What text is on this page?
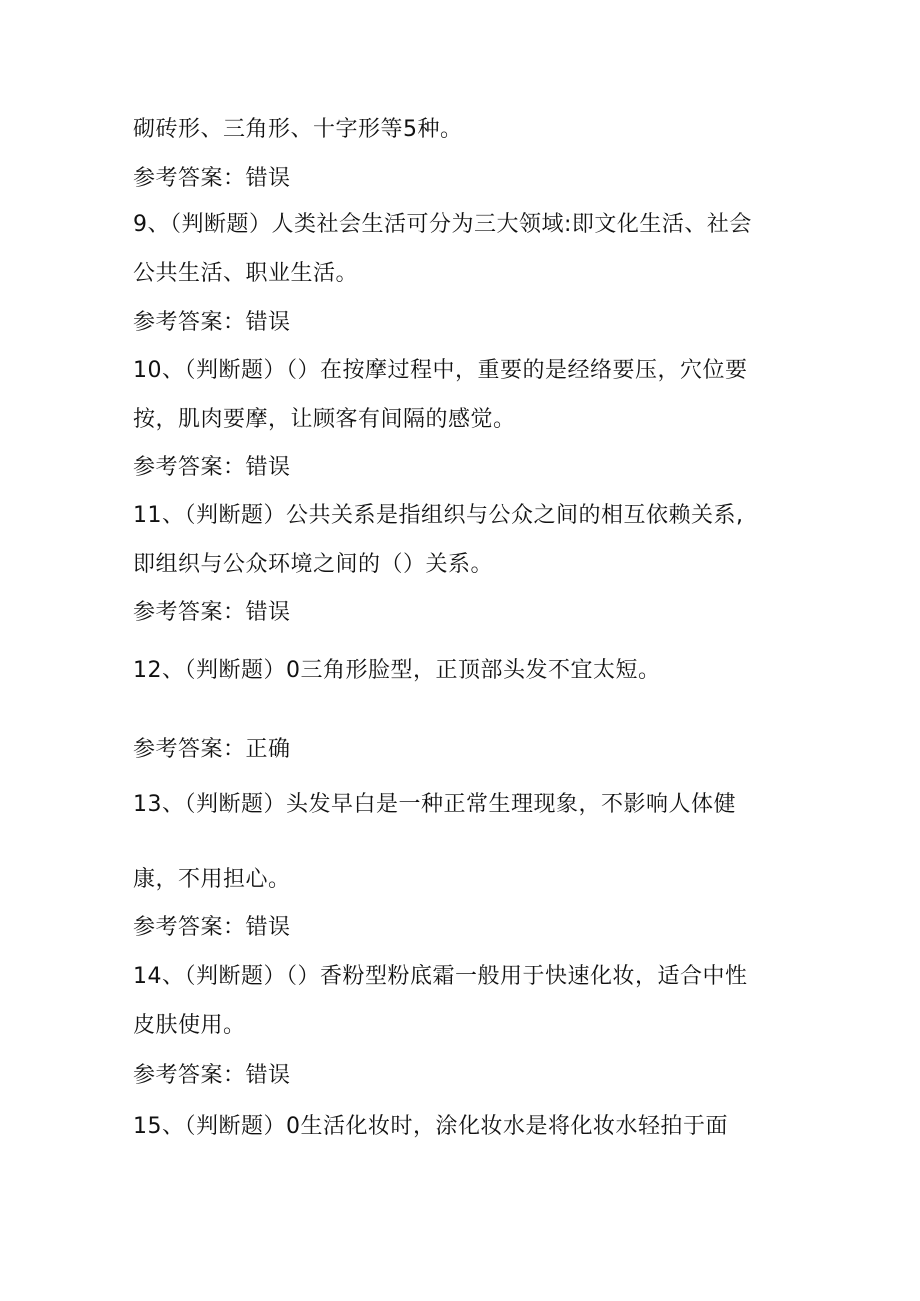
砌砖形、三角形、十字形等5种。
参考答案：错误
9、（判断题）人类社会生活可分为三大领域:即文化生活、社会
公共生活、职业生活。
参考答案：错误
10、（判断题）（）在按摩过程中，重要的是经络要压，穴位要
按，肌肉要摩，让顾客有间隔的感觉。
参考答案：错误
11、（判断题）公共关系是指组织与公众之间的相互依赖关系,
即组织与公众环境之间的（）关系。
参考答案：错误
12、（判断题）0三角形脸型，正顶部头发不宜太短。
参考答案：正确
13、（判断题）头发早白是一种正常生理现象，不影响人体健
康，不用担心。
参考答案：错误
14、（判断题）（）香粉型粉底霜一般用于快速化妆，适合中性
皮肤使用。
参考答案：错误
15、（判断题）0生活化妆时，涂化妆水是将化妆水轻拍于面
